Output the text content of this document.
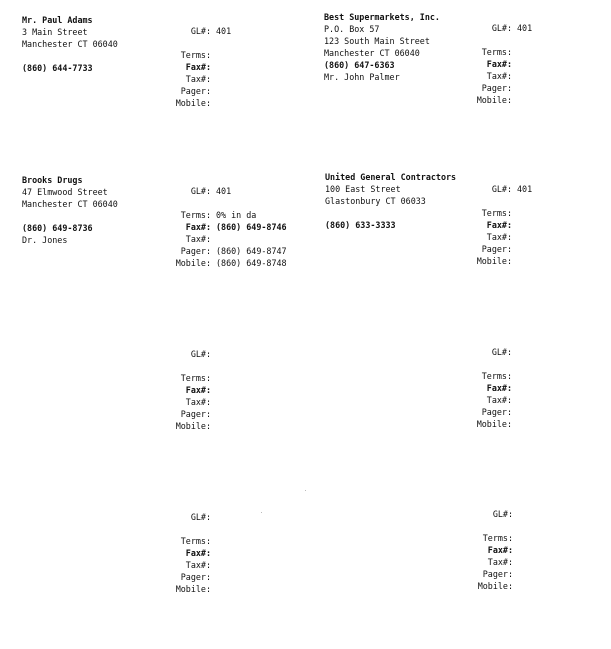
Mr. Paul Adams
3 Main Street
Manchester CT 06040
(860) 644-7733
GL#: 401
Terms:
Fax#:
Tax#:
Pager:
Mobile:
Best Supermarkets, Inc.
P.O. Box 57
123 South Main Street
Manchester CT 06040
(860) 647-6363
Mr. John Palmer
GL#: 401
Terms:
Fax#:
Tax#:
Pager:
Mobile:
Brooks Drugs
47 Elmwood Street
Manchester CT 06040
(860) 649-8736
Dr. Jones
GL#: 401
Terms: 0% in da
Fax#: (860) 649-8746
Tax#:
Pager: (860) 649-8747
Mobile: (860) 649-8748
United General Contractors
100 East Street
Glastonbury CT 06033
(860) 633-3333
GL#: 401
Terms:
Fax#:
Tax#:
Pager:
Mobile:
GL#:
Terms:
Fax#:
Tax#:
Pager:
Mobile:
GL#:
Terms:
Fax#:
Tax#:
Pager:
Mobile:
GL#:
Terms:
Fax#:
Tax#:
Pager:
Mobile:
GL#:
Terms:
Fax#:
Tax#:
Pager:
Mobile:
